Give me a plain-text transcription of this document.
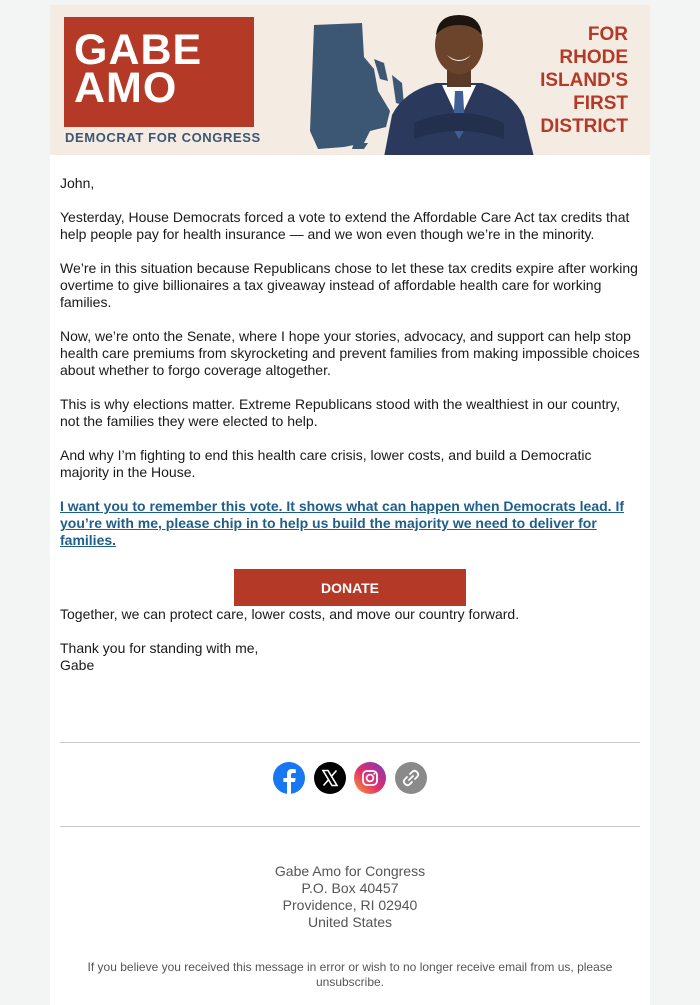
GABE
AMO
DEMOCRAT FOR CONGRESS
FOR
RHODE
ISLAND'S
FIRST
DISTRICT

John,

Yesterday, House Democrats forced a vote to extend the Affordable Care Act tax credits that help people pay for health insurance — and we won even though we’re in the minority.

We’re in this situation because Republicans chose to let these tax credits expire after working overtime to give billionaires a tax giveaway instead of affordable health care for working families.

Now, we’re onto the Senate, where I hope your stories, advocacy, and support can help stop health care premiums from skyrocketing and prevent families from making impossible choices about whether to forgo coverage altogether.

This is why elections matter. Extreme Republicans stood with the wealthiest in our country, not the families they were elected to help.

And why I’m fighting to end this health care crisis, lower costs, and build a Democratic majority in the House.

I want you to remember this vote. It shows what can happen when Democrats lead. If you’re with me, please chip in to help us build the majority we need to deliver for families.
DONATE

Together, we can protect care, lower costs, and move our country forward.

Thank you for standing with me,
Gabe

Gabe Amo for Congress
P.O. Box 40457
Providence, RI 02940
United States
If you believe you received this message in error or wish to no longer receive email from us, please unsubscribe.
